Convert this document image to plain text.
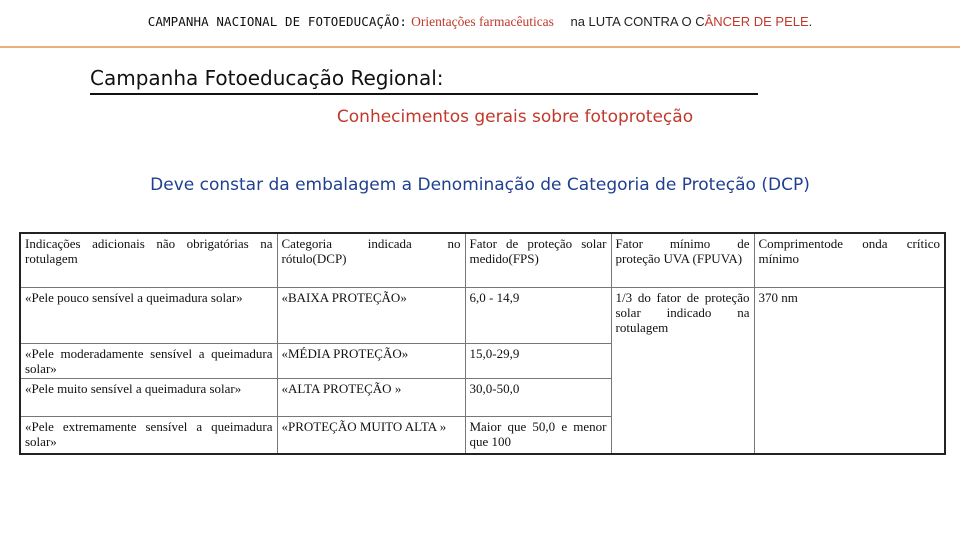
CAMPANHA NACIONAL DE FOTOEDUCAÇÃO: Orientações farmacêuticas na LUTA CONTRA O CÂNCER DE PELE.
Campanha Fotoeducação Regional:
Conhecimentos gerais sobre fotoproteção
Deve constar da embalagem a Denominação de Categoria de Proteção (DCP)
Indicações adicionais não obrigatórias na rotulagem	Categoria indicada no rótulo(DCP)	Fator de proteção solar medido(FPS)	Fator mínimo de proteção UVA (FPUVA)	Comprimentode onda crítico mínimo
«Pele pouco sensível a queimadura solar»	«BAIXA PROTEÇÃO»	6,0 - 14,9	1/3 do fator de proteção solar indicado na rotulagem	370 nm
«Pele moderadamente sensível a queimadura solar»	«MÉDIA PROTEÇÃO»	15,0-29,9		
«Pele muito sensível a queimadura solar»	«ALTA PROTEÇÃO »	30,0-50,0		
«Pele extremamente sensível a queimadura solar»	«PROTEÇÃO MUITO ALTA »	Maior que 50,0 e menor que 100		
